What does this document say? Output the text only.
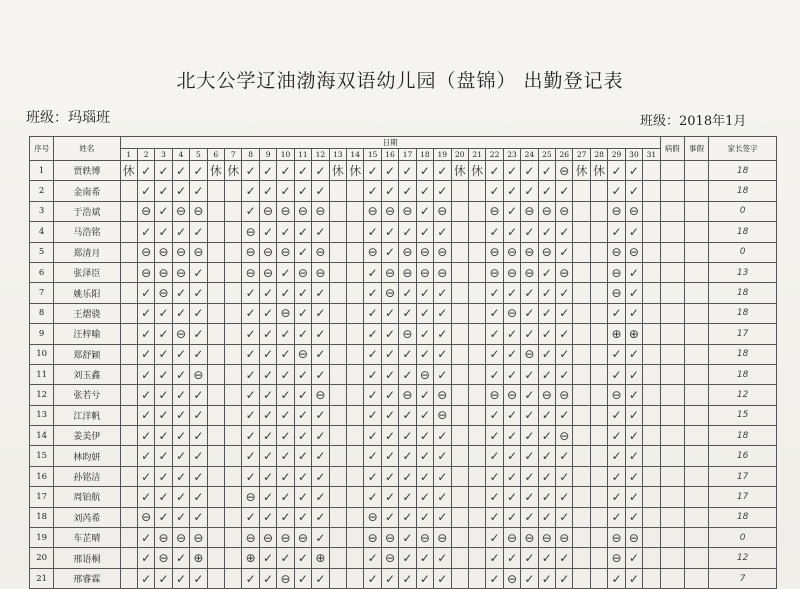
北大公学辽油渤海双语幼儿园（盘锦） 出勤登记表
班级：玛瑙班	班级：2018年1月
序号	姓名	日期																															病假	事假	家长签字
		1	2	3	4	5	6	7	8	9	10	11	12	13	14	15	16	17	18	19	20	21	22	23	24	25	26	27	28	29	30	31			
1	贾轶博	休	✓	✓	✓	✓	休	休	✓	✓	✓	✓	✓	休	休	✓	✓	✓	✓	✓	休	休	✓	✓	✓	✓	⊖	休	休	✓	✓				18
2	金南希		✓	✓	✓	✓			✓	✓	✓	✓	✓			✓	✓	✓	✓	✓			✓	✓	✓	✓	✓			✓	✓				18
3	于浩斌		⊖	✓	⊖	⊖			✓	⊖	⊖	⊖	⊖			⊖	⊖	⊖	✓	⊖			⊖	✓	⊖	⊖	⊖			⊖	⊖				0
4	马浩铭		✓	✓	✓	✓			⊖	✓	✓	✓	✓			✓	✓	✓	✓	✓			✓	✓	✓	✓	✓			✓	✓				18
5	郑清月		⊖	⊖	⊖	⊖			⊖	⊖	⊖	✓	⊖			⊖	✓	⊖	⊖	⊖			⊖	⊖	⊖	⊖	✓			⊖	⊖				0
6	张泽臣		⊖	⊖	⊖	✓			⊖	⊖	✓	⊖	⊖			✓	⊖	⊖	⊖	⊖			⊖	⊖	⊖	✓	⊖			⊖	✓				13
7	姚乐阳		✓	⊖	✓	✓			✓	✓	✓	✓	✓			✓	⊖	✓	✓	✓			✓	✓	✓	✓	✓			⊖	✓				18
8	王熠骁		✓	✓	✓	✓			✓	✓	⊖	✓	✓			✓	✓	✓	✓	✓			✓	⊖	✓	✓	✓			✓	✓				18
9	汪梓喻		✓	✓	⊖	✓			✓	✓	✓	✓	✓			✓	✓	⊖	✓	✓			✓	✓	✓	✓	✓			⊕	⊕				17
10	郑舒颖		✓	✓	✓	✓			✓	✓	✓	⊖	✓			✓	✓	✓	✓	✓			✓	✓	⊖	✓	✓			✓	✓				18
11	刘玉鑫		✓	✓	✓	⊖			✓	✓	✓	✓	✓			✓	✓	✓	⊖	✓			✓	✓	✓	✓	✓			✓	✓				18
12	张若兮		✓	✓	✓	✓			✓	✓	✓	✓	⊖			✓	✓	⊖	✓	⊖			⊖	⊖	✓	⊖	⊖			⊖	✓				12
13	江洋帆		✓	✓	✓	✓			✓	✓	✓	✓	✓			✓	✓	✓	✓	⊖			✓	✓	✓	✓	✓			✓	✓				15
14	姜美伊		✓	✓	✓	✓			✓	✓	✓	✓	✓			✓	✓	✓	✓	✓			✓	✓	✓	✓	⊖			✓	✓				18
15	林昀妍		✓	✓	✓	✓			✓	✓	✓	✓	✓			✓	✓	✓	✓	✓			✓	✓	✓	✓	✓			✓	✓				16
16	孙铭洁		✓	✓	✓	✓			✓	✓	✓	✓	✓			✓	✓	✓	✓	✓			✓	✓	✓	✓	✓			✓	✓				17
17	周铂航		✓	✓	✓	✓			⊖	✓	✓	✓	✓			✓	✓	✓	✓	✓			✓	✓	✓	✓	✓			✓	✓				17
18	刘芮希		⊖	✓	✓	✓			✓	✓	✓	✓	✓			⊖	✓	✓	✓	✓			✓	✓	✓	✓	✓			✓	✓				18
19	车芷晴		✓	⊖	⊖	⊖			⊖	⊖	⊖	⊖	✓			⊖	⊖	✓	⊖	⊖			✓	⊖	⊖	⊖	⊖			⊖	⊖				0
20	邢语桐		✓	⊖	✓	⊕			⊕	✓	✓	✓	⊕			✓	⊖	✓	✓	✓			✓	✓	✓	✓	✓			⊖	✓				12
21	邢睿霖		✓	✓	✓	✓			✓	✓	⊖	✓	✓			✓	✓	✓	✓	✓			✓	⊖	✓	✓	✓			✓	✓				7
